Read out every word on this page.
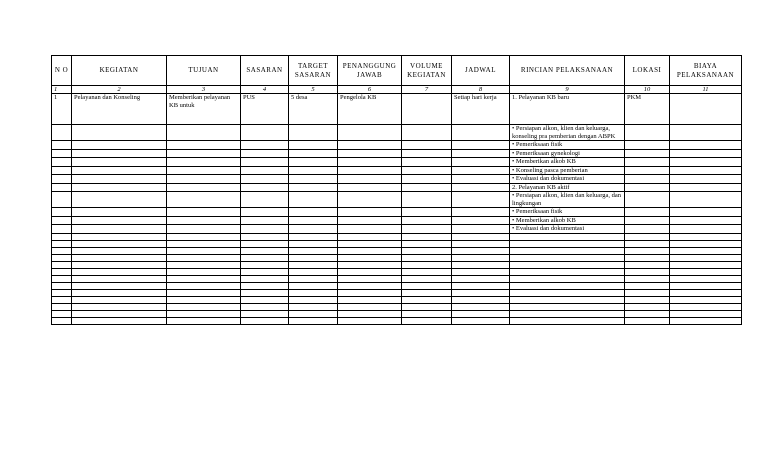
N O	KEGIATAN	TUJUAN	SASARAN	TARGET SASARAN	PENANGGUNG JAWAB	VOLUME KEGIATAN	JADWAL	RINCIAN PELAKSANAAN	LOKASI	BIAYA PELAKSANAAN
1	2	3	4	5	6	7	8	9	10	11
1	Pelayanan dan Konseling	Memberikan pelayanan KB untuk	PUS	5 desa	Pengelola KB		Setiap hari kerja	1. Pelayanan KB baru	PKM	
								• Persiapan alkon, klien dan keluarga, konseling pra pemberian dengan ABPK		
								• Pemeriksaan fisik		
								• Pemeriksaan gynekologi		
								• Memberikan alkob KB		
								• Konseling pasca pemberian		
								• Evaluasi dan dokumentasi		
								2. Pelayanan KB aktif		
								• Persiapan alkon, klien dan keluarga, dan lingkungan		
								• Pemeriksaan fisik		
								• Memberikan alkob KB		
								• Evaluasi dan dokumentasi		
